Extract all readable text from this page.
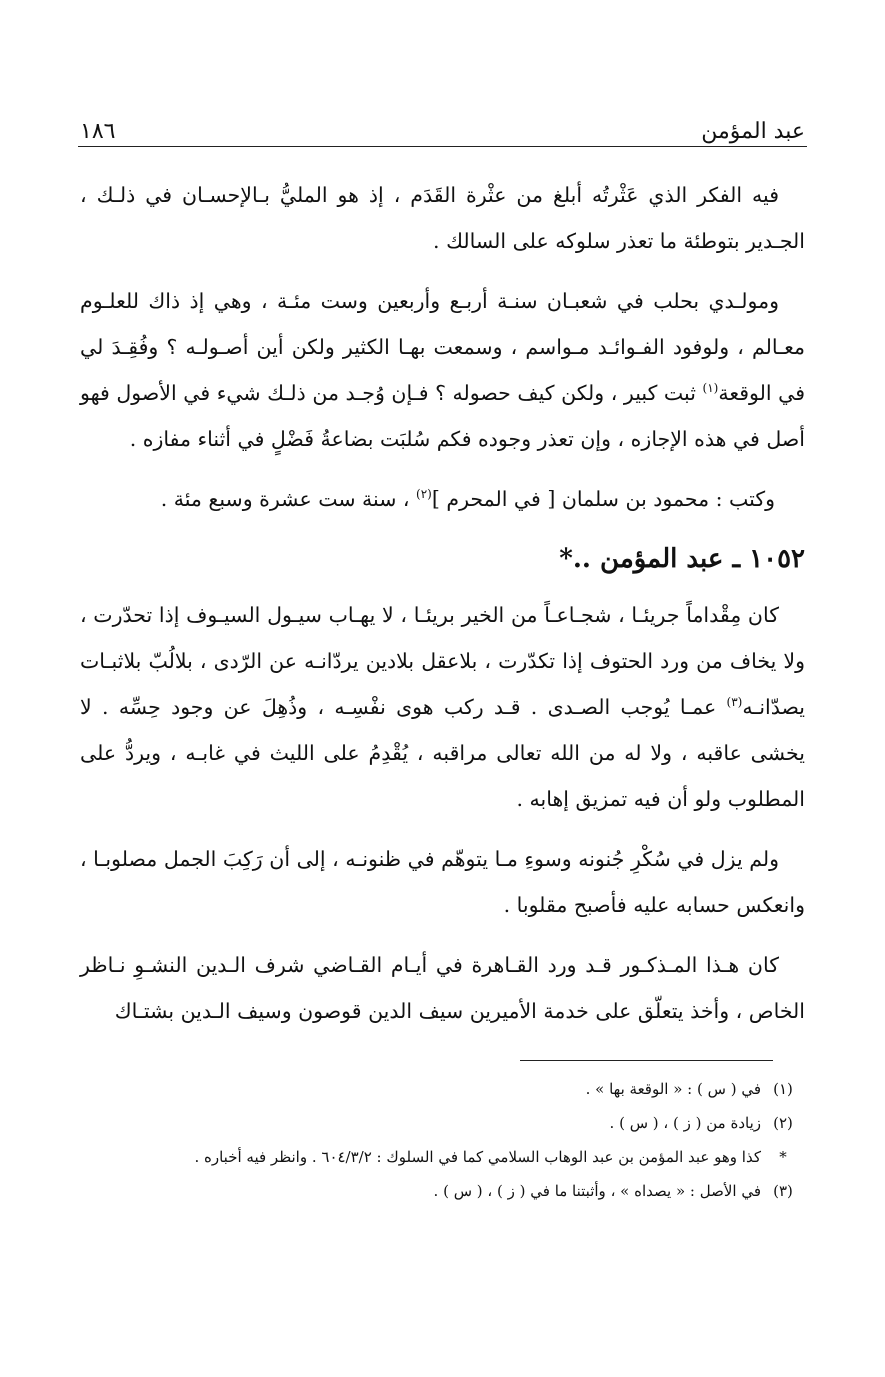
عبد المؤمن
١٨٦

فيه الفكر الذي عَثْرتُه أبلغ من عثْرة القَدَم ، إذ هو المليُّ بـالإحسـان في ذلـك ، الجـدير بتوطئة ما تعذر سلوكه على السالك .

ومولـدي بحلب في شعبـان سنـة أربـع وأربعين وست مئـة ، وهي إذ ذاك للعلـوم معـالم ، ولوفود الفـوائـد مـواسم ، وسمعت بهـا الكثير ولكن أين أصـولـه ؟ وفُقِـدَ لي في الوقعة$^{(١)}$ ثبت كبير ، ولكن كيف حصوله ؟ فـإن وُجـد من ذلـك شيء في الأصول فهو أصل في هذه الإجازه ، وإن تعذر وجوده فكم سُلبَت بضاعةُ فَضْلٍ في أثناء مفازه .

وكتب : محمود بن سلمان [ في المحرم ]$^{(٢)}$ ، سنة ست عشرة وسبع مئة .

١٠٥٢ ـ عبد المؤمن ..*

كان مِقْداماً جريئـا ، شجـاعـاً من الخير بريئـا ، لا يهـاب سيـول السيـوف إذا تحدّرت ، ولا يخاف من ورد الحتوف إذا تكدّرت ، بلاعقل بلادين يردّانـه عن الرّدى ، بلالُبّ بلاثبـات يصدّانـه$^{(٣)}$ عمـا يُوجب الصـدى . قـد ركب هوى نفْسِـه ، وذُهِلَ عن وجود حِسِّه . لا يخشى عاقبه ، ولا له من الله تعالى مراقبه ، يُقْدِمُ على الليث في غابـه ، ويردُّ على المطلوب ولو أن فيه تمزيق إهابه .

ولم يزل في سُكْرِ جُنونه وسوءِ مـا يتوهّم في ظنونـه ، إلى أن رَكِبَ الجمل مصلوبـا ، وانعكس حسابه عليه فأصبح مقلوبا .

كان هـذا المـذكـور قـد ورد القـاهرة في أيـام القـاضي شرف الـدين النشـوِ نـاظر الخاص ، وأخذ يتعلّق على خدمة الأميرين سيف الدين قوصون وسيف الـدين بشتـاك

(١)
في ( س ) : « الوقعة بها » .
(٢)
زيادة من ( ز ) ، ( س ) .
*
كذا وهو عبد المؤمن بن عبد الوهاب السلامي كما في السلوك : ٦٠٤/٣/٢ . وانظر فيه أخباره .
(٣)
في الأصل : « يصداه » ، وأثبتنا ما في ( ز ) ، ( س ) .
